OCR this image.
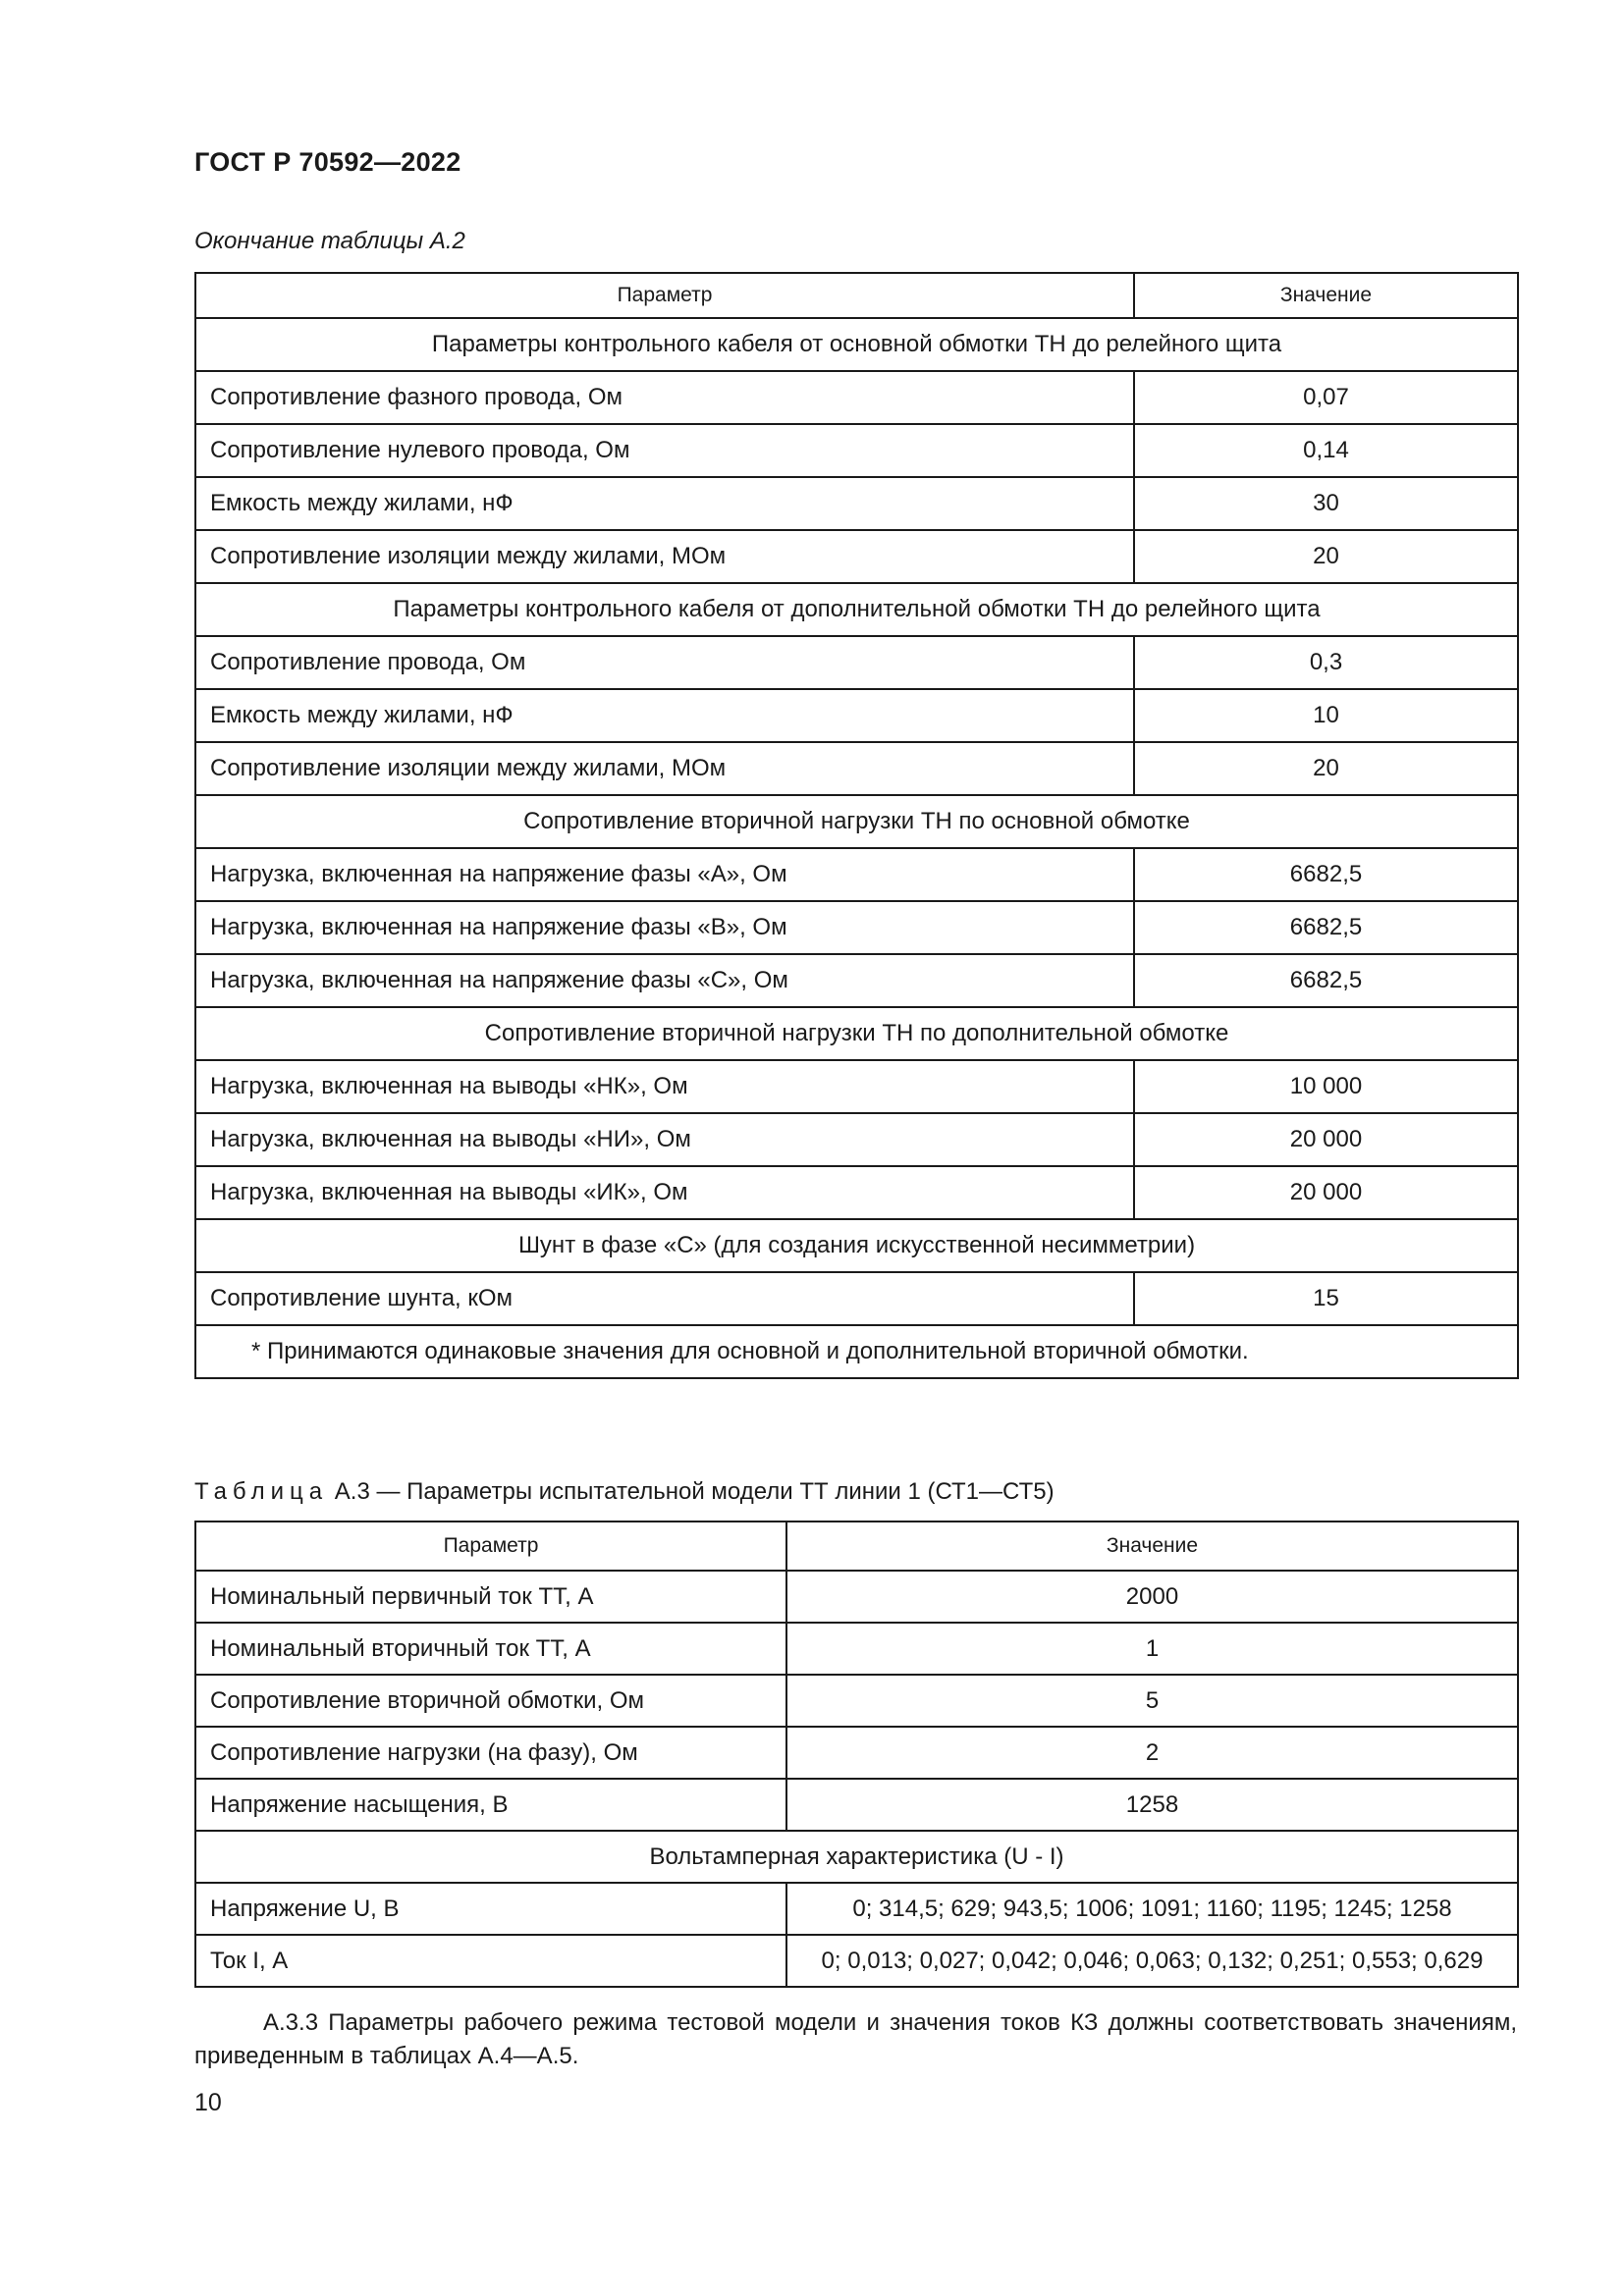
ГОСТ Р 70592—2022
Окончание таблицы А.2
Параметр	Значение
Параметры контрольного кабеля от основной обмотки ТН до релейного щита	
Сопротивление фазного провода, Ом	0,07
Сопротивление нулевого провода, Ом	0,14
Емкость между жилами, нФ	30
Сопротивление изоляции между жилами, МОм	20
Параметры контрольного кабеля от дополнительной обмотки ТН до релейного щита	
Сопротивление провода, Ом	0,3
Емкость между жилами, нФ	10
Сопротивление изоляции между жилами, МОм	20
Сопротивление вторичной нагрузки ТН по основной обмотке	
Нагрузка, включенная на напряжение фазы «А», Ом	6682,5
Нагрузка, включенная на напряжение фазы «В», Ом	6682,5
Нагрузка, включенная на напряжение фазы «С», Ом	6682,5
Сопротивление вторичной нагрузки ТН по дополнительной обмотке	
Нагрузка, включенная на выводы «НК», Ом	10 000
Нагрузка, включенная на выводы «НИ», Ом	20 000
Нагрузка, включенная на выводы «ИК», Ом	20 000
Шунт в фазе «С» (для создания искусственной несимметрии)	
Сопротивление шунта, кОм	15
* Принимаются одинаковые значения для основной и дополнительной вторичной обмотки.	
Таблица А.3 — Параметры испытательной модели ТТ линии 1 (СТ1—СТ5)
Параметр	Значение
Номинальный первичный ток ТТ, А	2000
Номинальный вторичный ток ТТ, А	1
Сопротивление вторичной обмотки, Ом	5
Сопротивление нагрузки (на фазу), Ом	2
Напряжение насыщения, В	1258
Вольтамперная характеристика (U - I)	
Напряжение U, В	0; 314,5; 629; 943,5; 1006; 1091; 1160; 1195; 1245; 1258
Ток I, А	0; 0,013; 0,027; 0,042; 0,046; 0,063; 0,132; 0,251; 0,553; 0,629
А.3.3 Параметры рабочего режима тестовой модели и значения токов КЗ должны соответствовать значениям, приведенным в таблицах А.4—А.5.
10
